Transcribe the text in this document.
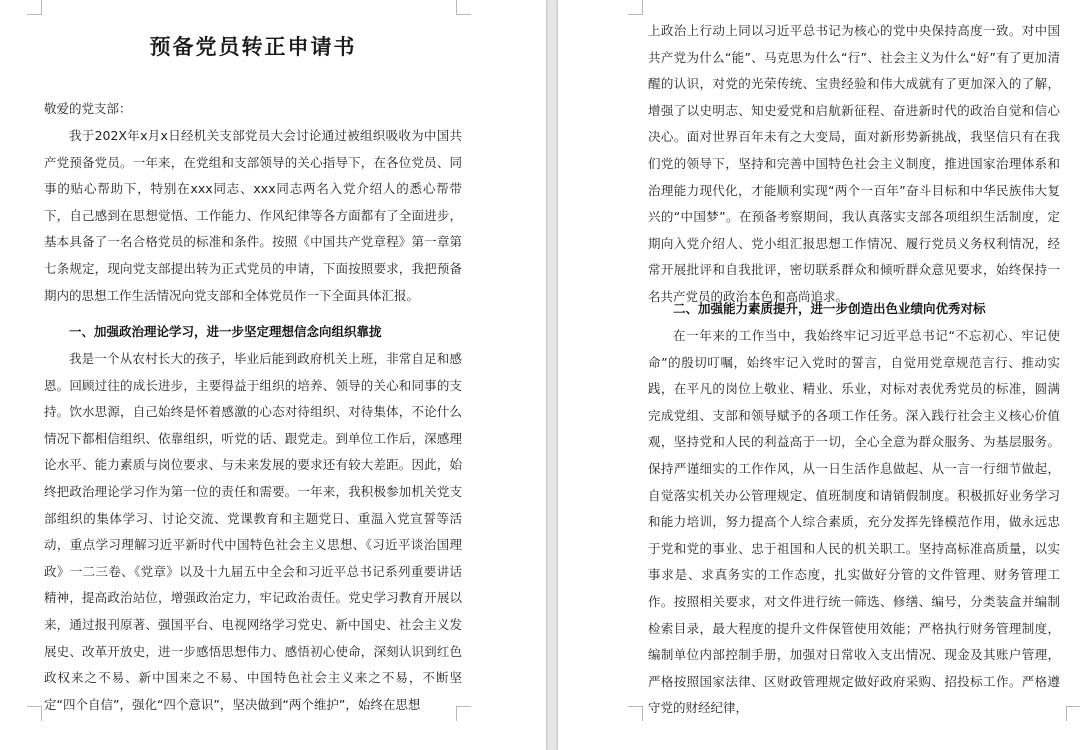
预备党员转正申请书

敬爱的党支部：

我于202X年x月x日经机关支部党员大会讨论通过被组织吸收为中国共产党预备党员。一年来，在党组和支部领导的关心指导下，在各位党员、同事的贴心帮助下，特别在xxx同志、xxx同志两名入党介绍人的悉心帮带下，自己感到在思想觉悟、工作能力、作风纪律等各方面都有了全面进步，基本具备了一名合格党员的标准和条件。按照《中国共产党章程》第一章第七条规定，现向党支部提出转为正式党员的申请，下面按照要求，我把预备期内的思想工作生活情况向党支部和全体党员作一下全面具体汇报。

一、加强政治理论学习，进一步坚定理想信念向组织靠拢

我是一个从农村长大的孩子，毕业后能到政府机关上班，非常自足和感恩。回顾过往的成长进步，主要得益于组织的培养、领导的关心和同事的支持。饮水思源，自己始终是怀着感激的心态对待组织、对待集体，不论什么情况下都相信组织、依靠组织，听党的话、跟党走。到单位工作后，深感理论水平、能力素质与岗位要求、与未来发展的要求还有较大差距。因此，始终把政治理论学习作为第一位的责任和需要。一年来，我积极参加机关党支部组织的集体学习、讨论交流、党课教育和主题党日、重温入党宣誓等活动，重点学习理解习近平新时代中国特色社会主义思想、《习近平谈治国理政》一二三卷、《党章》以及十九届五中全会和习近平总书记系列重要讲话精神，提高政治站位，增强政治定力，牢记政治责任。党史学习教育开展以来，通过报刊原著、强国平台、电视网络学习党史、新中国史、社会主义发展史、改革开放史，进一步感悟思想伟力、感悟初心使命，深刻认识到红色政权来之不易、新中国来之不易、中国特色社会主义来之不易，不断坚定“四个自信”，强化“四个意识”，坚决做到“两个维护”，始终在思想

上政治上行动上同以习近平总书记为核心的党中央保持高度一致。对中国共产党为什么“能”、马克思为什么“行”、社会主义为什么“好”有了更加清醒的认识，对党的光荣传统、宝贵经验和伟大成就有了更加深入的了解，增强了以史明志、知史爱党和启航新征程、奋进新时代的政治自觉和信心决心。面对世界百年未有之大变局，面对新形势新挑战，我坚信只有在我们党的领导下，坚持和完善中国特色社会主义制度，推进国家治理体系和治理能力现代化，才能顺利实现“两个一百年”奋斗目标和中华民族伟大复兴的“中国梦”。在预备考察期间，我认真落实支部各项组织生活制度，定期向入党介绍人、党小组汇报思想工作情况、履行党员义务权利情况，经常开展批评和自我批评，密切联系群众和倾听群众意见要求，始终保持一名共产党员的政治本色和高尚追求。

二、加强能力素质提升，进一步创造出色业绩向优秀对标

在一年来的工作当中，我始终牢记习近平总书记“不忘初心、牢记使命”的殷切叮嘱，始终牢记入党时的誓言，自觉用党章规范言行、推动实践，在平凡的岗位上敬业、精业、乐业，对标对表优秀党员的标准，圆满完成党组、支部和领导赋予的各项工作任务。深入践行社会主义核心价值观，坚持党和人民的利益高于一切，全心全意为群众服务、为基层服务。保持严谨细实的工作作风，从一日生活作息做起、从一言一行细节做起，自觉落实机关办公管理规定、值班制度和请销假制度。积极抓好业务学习和能力培训，努力提高个人综合素质，充分发挥先锋模范作用，做永远忠于党和党的事业、忠于祖国和人民的机关职工。坚持高标准高质量，以实事求是、求真务实的工作态度，扎实做好分管的文件管理、财务管理工作。按照相关要求，对文件进行统一筛选、修缮、编号，分类装盒并编制检索目录，最大程度的提升文件保管使用效能；严格执行财务管理制度，编制单位内部控制手册，加强对日常收入支出情况、现金及其账户管理，严格按照国家法律、区财政管理规定做好政府采购、招投标工作。严格遵守党的财经纪律，
